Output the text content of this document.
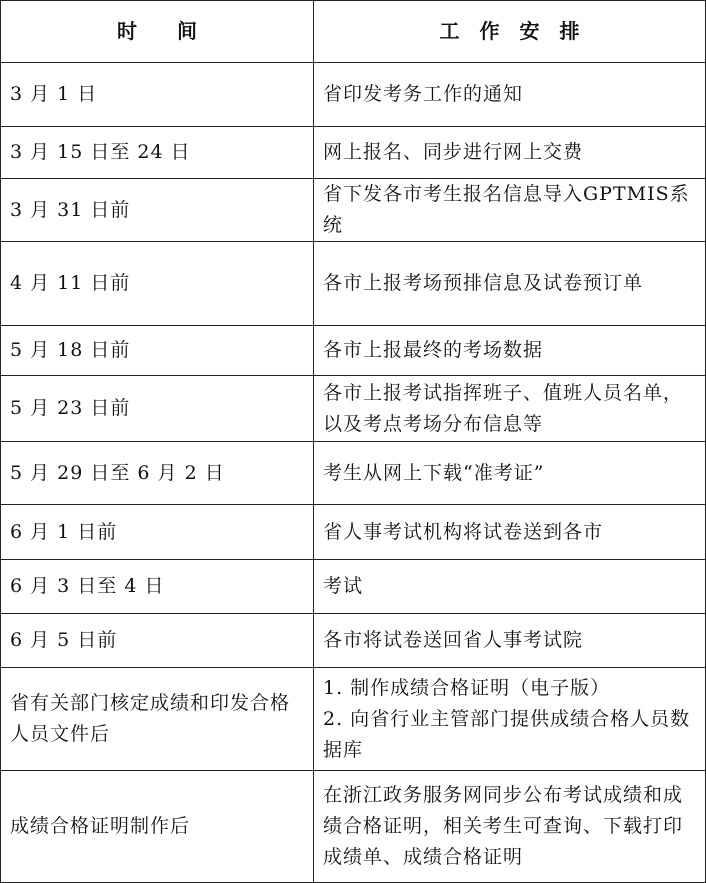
时　　间	工　作　安　排
3 月 1 日	省印发考务工作的通知

3 月 15 日至 24 日	网上报名、同步进行网上交费

3 月 31 日前	省下发各市考生报名信息导入GPTMIS系统

4 月 11 日前	各市上报考场预排信息及试卷预订单

5 月 18 日前	各市上报最终的考场数据

5 月 23 日前	各市上报考试指挥班子、值班人员名单，以及考点考场分布信息等

5 月 29 日至 6 月 2 日	考生从网上下载“准考证”

6 月 1 日前	省人事考试机构将试卷送到各市

6 月 3 日至 4 日	考试

6 月 5 日前	各市将试卷送回省人事考试院

省有关部门核定成绩和印发合格人员文件后	1. 制作成绩合格证明（电子版）
2. 向省行业主管部门提供成绩合格人员数据库

成绩合格证明制作后	在浙江政务服务网同步公布考试成绩和成绩合格证明，相关考生可查询、下载打印成绩单、成绩合格证明
